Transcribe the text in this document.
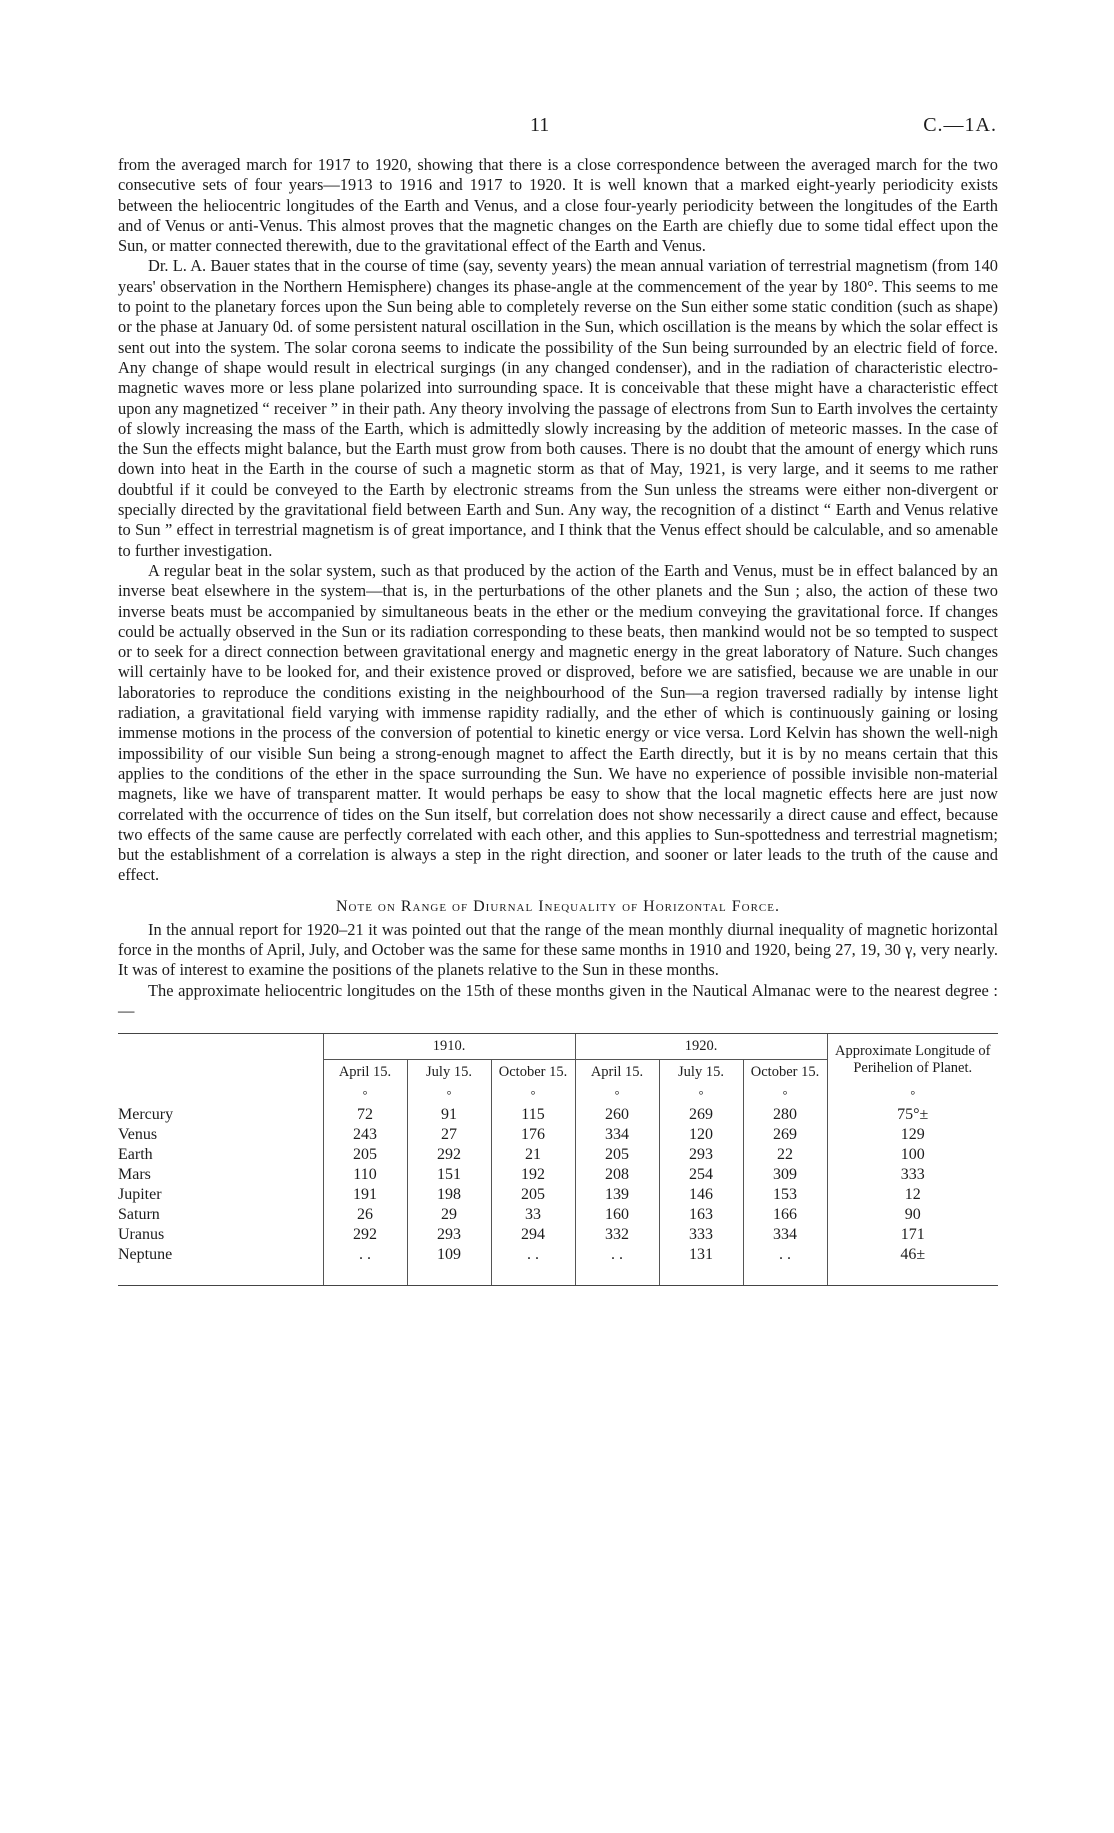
11	C.—1A.

from the averaged march for 1917 to 1920, showing that there is a close correspondence between the averaged march for the two consecutive sets of four years—1913 to 1916 and 1917 to 1920. It is well known that a marked eight-yearly periodicity exists between the heliocentric longitudes of the Earth and Venus, and a close four-yearly periodicity between the longitudes of the Earth and of Venus or anti-Venus. This almost proves that the magnetic changes on the Earth are chiefly due to some tidal effect upon the Sun, or matter connected therewith, due to the gravitational effect of the Earth and Venus.

Dr. L. A. Bauer states that in the course of time (say, seventy years) the mean annual variation of terrestrial magnetism (from 140 years' observation in the Northern Hemisphere) changes its phase-angle at the commencement of the year by 180°. This seems to me to point to the planetary forces upon the Sun being able to completely reverse on the Sun either some static condition (such as shape) or the phase at January 0d. of some persistent natural oscillation in the Sun, which oscillation is the means by which the solar effect is sent out into the system. The solar corona seems to indicate the possibility of the Sun being surrounded by an electric field of force. Any change of shape would result in electrical surgings (in any changed condenser), and in the radiation of characteristic electro-magnetic waves more or less plane polarized into surrounding space. It is conceivable that these might have a characteristic effect upon any magnetized “ receiver ” in their path. Any theory involving the passage of electrons from Sun to Earth involves the certainty of slowly increasing the mass of the Earth, which is admittedly slowly increasing by the addition of meteoric masses. In the case of the Sun the effects might balance, but the Earth must grow from both causes. There is no doubt that the amount of energy which runs down into heat in the Earth in the course of such a magnetic storm as that of May, 1921, is very large, and it seems to me rather doubtful if it could be conveyed to the Earth by electronic streams from the Sun unless the streams were either non-divergent or specially directed by the gravitational field between Earth and Sun. Any way, the recognition of a distinct “ Earth and Venus relative to Sun ” effect in terrestrial magnetism is of great importance, and I think that the Venus effect should be calculable, and so amenable to further investigation.

A regular beat in the solar system, such as that produced by the action of the Earth and Venus, must be in effect balanced by an inverse beat elsewhere in the system—that is, in the perturbations of the other planets and the Sun ; also, the action of these two inverse beats must be accompanied by simultaneous beats in the ether or the medium conveying the gravitational force. If changes could be actually observed in the Sun or its radiation corresponding to these beats, then mankind would not be so tempted to suspect or to seek for a direct connection between gravitational energy and magnetic energy in the great laboratory of Nature. Such changes will certainly have to be looked for, and their existence proved or disproved, before we are satisfied, because we are unable in our laboratories to reproduce the conditions existing in the neighbourhood of the Sun—a region traversed radially by intense light radiation, a gravitational field varying with immense rapidity radially, and the ether of which is continuously gaining or losing immense motions in the process of the conversion of potential to kinetic energy or vice versa. Lord Kelvin has shown the well-nigh impossibility of our visible Sun being a strong-enough magnet to affect the Earth directly, but it is by no means certain that this applies to the conditions of the ether in the space surrounding the Sun. We have no experience of possible invisible non-material magnets, like we have of transparent matter. It would perhaps be easy to show that the local magnetic effects here are just now correlated with the occurrence of tides on the Sun itself, but correlation does not show necessarily a direct cause and effect, because two effects of the same cause are perfectly correlated with each other, and this applies to Sun-spottedness and terrestrial magnetism; but the establishment of a correlation is always a step in the right direction, and sooner or later leads to the truth of the cause and effect.

Note on Range of Diurnal Inequality of Horizontal Force.

In the annual report for 1920–21 it was pointed out that the range of the mean monthly diurnal inequality of magnetic horizontal force in the months of April, July, and October was the same for these same months in 1910 and 1920, being 27, 19, 30 γ, very nearly. It was of interest to examine the positions of the planets relative to the Sun in these months.

The approximate heliocentric longitudes on the 15th of these months given in the Nautical Almanac were to the nearest degree :—

	1910.			1920.			Approximate Longitude of Perihelion of Planet.
	April 15.	July 15.	October 15.	April 15.	July 15.	October 15.	
	°	°	°	°	°	°	°
Mercury	72	91	115	260	269	280	75°±
Venus	243	27	176	334	120	269	129
Earth	205	292	21	205	293	22	100
Mars	110	151	192	208	254	309	333
Jupiter	191	198	205	139	146	153	12
Saturn	26	29	33	160	163	166	90
Uranus	292	293	294	332	333	334	171
Neptune	. .	109	. .	. .	131	. .	46±
